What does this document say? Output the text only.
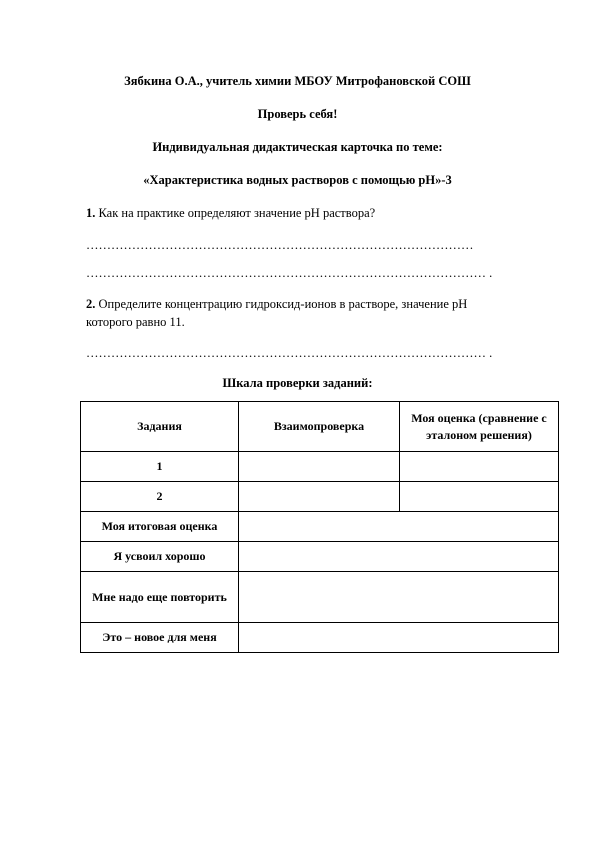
Зябкина О.А., учитель химии МБОУ Митрофановской СОШ
Проверь себя!
Индивидуальная дидактическая карточка по теме:
«Характеристика водных растворов с помощью pH»-3
1. Как на практике определяют значение pH раствора?
…………………………………………………………………………………
…………………………………………………………………………………… .
2. Определите концентрацию гидроксид-ионов в растворе, значение pH
которого равно 11.
…………………………………………………………………………………… .
Шкала проверки заданий:
Задания	Взаимопроверка	Моя оценка (сравнение с эталоном решения)
1		
2		
Моя итоговая оценка		
Я усвоил хорошо		
Мне надо еще повторить		
Это – новое для меня		
